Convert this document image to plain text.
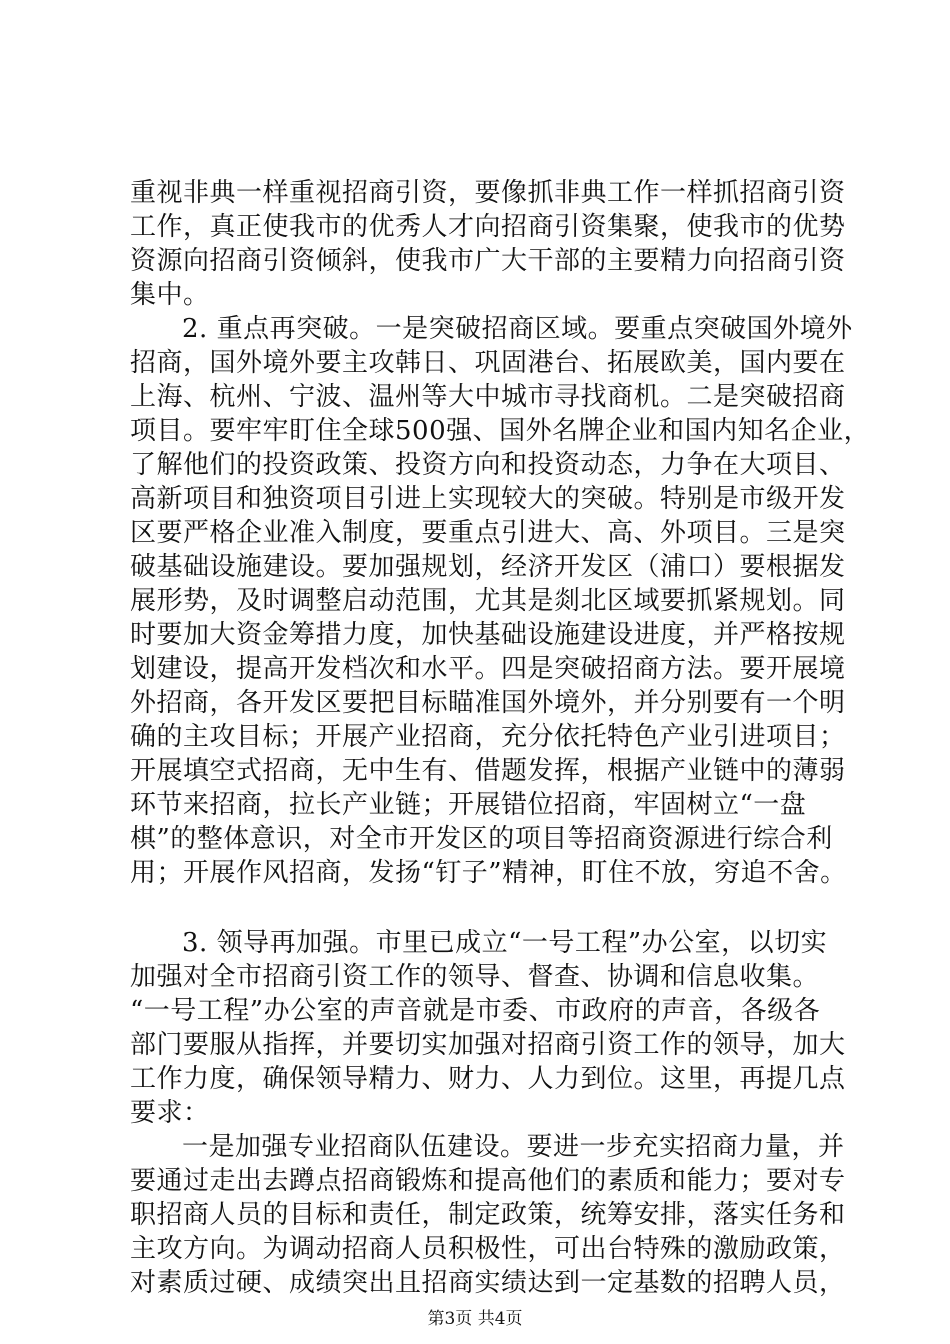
重视非典一样重视招商引资，要像抓非典工作一样抓招商引资
工作，真正使我市的优秀人才向招商引资集聚，使我市的优势
资源向招商引资倾斜，使我市广大干部的主要精力向招商引资
集中。
2. 重点再突破。一是突破招商区域。要重点突破国外境外
招商，国外境外要主攻韩日、巩固港台、拓展欧美，国内要在
上海、杭州、宁波、温州等大中城市寻找商机。二是突破招商
项目。要牢牢盯住全球500强、国外名牌企业和国内知名企业，
了解他们的投资政策、投资方向和投资动态，力争在大项目、
高新项目和独资项目引进上实现较大的突破。特别是市级开发
区要严格企业准入制度，要重点引进大、高、外项目。三是突
破基础设施建设。要加强规划，经济开发区（浦口）要根据发
展形势，及时调整启动范围，尤其是剡北区域要抓紧规划。同
时要加大资金筹措力度，加快基础设施建设进度，并严格按规
划建设，提高开发档次和水平。四是突破招商方法。要开展境
外招商，各开发区要把目标瞄准国外境外，并分别要有一个明
确的主攻目标；开展产业招商，充分依托特色产业引进项目；
开展填空式招商，无中生有、借题发挥，根据产业链中的薄弱
环节来招商，拉长产业链；开展错位招商，牢固树立“一盘
棋”的整体意识，对全市开发区的项目等招商资源进行综合利
用；开展作风招商，发扬“钉子”精神，盯住不放，穷追不舍。
3. 领导再加强。市里已成立“一号工程”办公室，以切实
加强对全市招商引资工作的领导、督查、协调和信息收集。
“一号工程”办公室的声音就是市委、市政府的声音，各级各
部门要服从指挥，并要切实加强对招商引资工作的领导，加大
工作力度，确保领导精力、财力、人力到位。这里，再提几点
要求：
一是加强专业招商队伍建设。要进一步充实招商力量，并
要通过走出去蹲点招商锻炼和提高他们的素质和能力；要对专
职招商人员的目标和责任，制定政策，统筹安排，落实任务和
主攻方向。为调动招商人员积极性，可出台特殊的激励政策，
对素质过硬、成绩突出且招商实绩达到一定基数的招聘人员，
第3页 共4页
